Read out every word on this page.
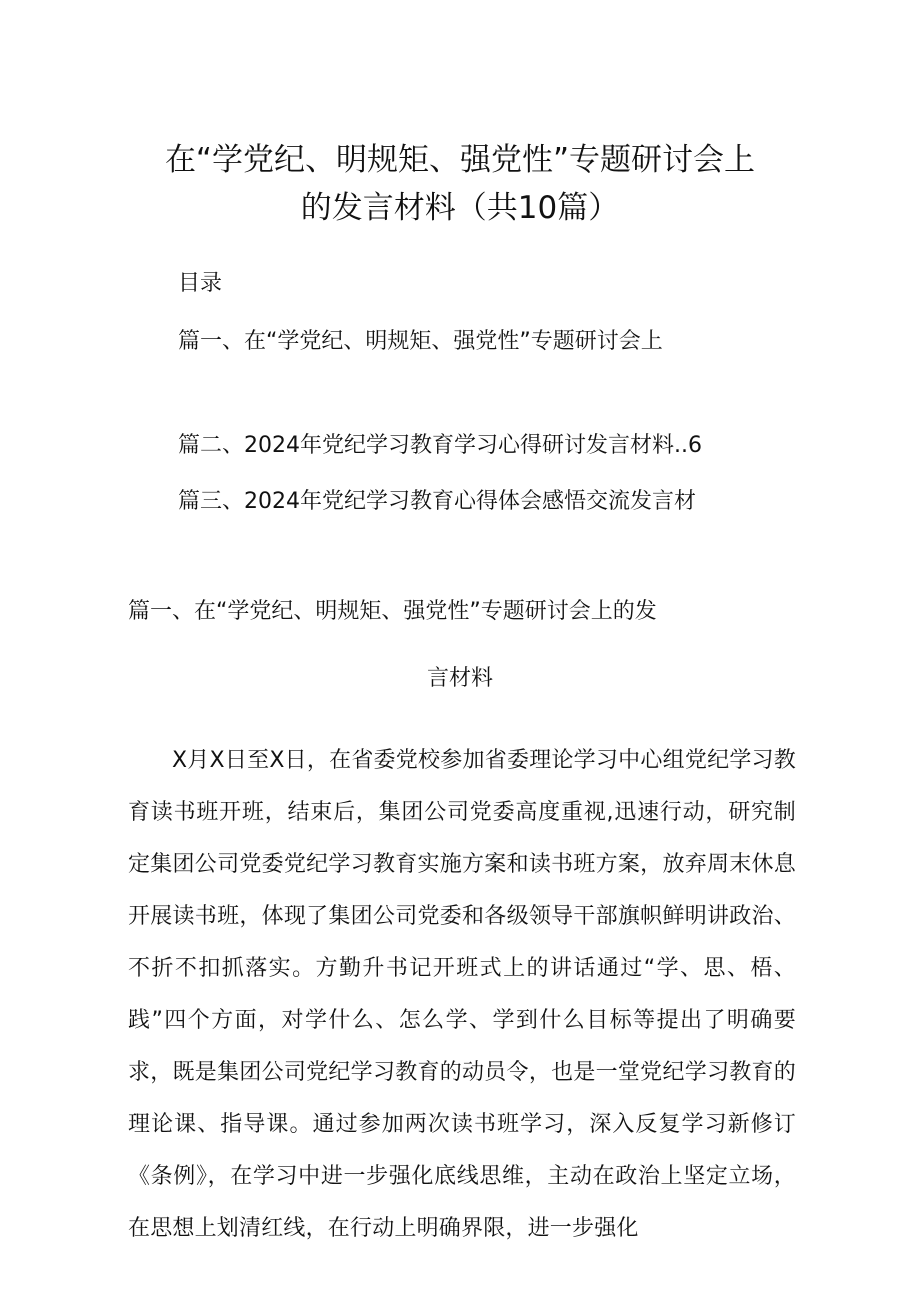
在“学党纪、明规矩、强党性”专题研讨会上
的发言材料（共10篇）
目录
篇一、在“学党纪、明规矩、强党性”专题研讨会上
篇二、2024年党纪学习教育学习心得研讨发言材料..6
篇三、2024年党纪学习教育心得体会感悟交流发言材
篇一、在“学党纪、明规矩、强党性”专题研讨会上的发
言材料
X月X日至X日，在省委党校参加省委理论学习中心组党纪学习教育读书班开班，结束后，集团公司党委高度重视,迅速行动，研究制定集团公司党委党纪学习教育实施方案和读书班方案，放弃周末休息开展读书班，体现了集团公司党委和各级领导干部旗帜鲜明讲政治、不折不扣抓落实。方勤升书记开班式上的讲话通过“学、思、梧、践”四个方面，对学什么、怎么学、学到什么目标等提出了明确要求，既是集团公司党纪学习教育的动员令，也是一堂党纪学习教育的理论课、指导课。通过参加两次读书班学习，深入反复学习新修订《条例》，在学习中进一步强化底线思维，主动在政治上坚定立场，在思想上划清红线，在行动上明确界限，进一步强化
